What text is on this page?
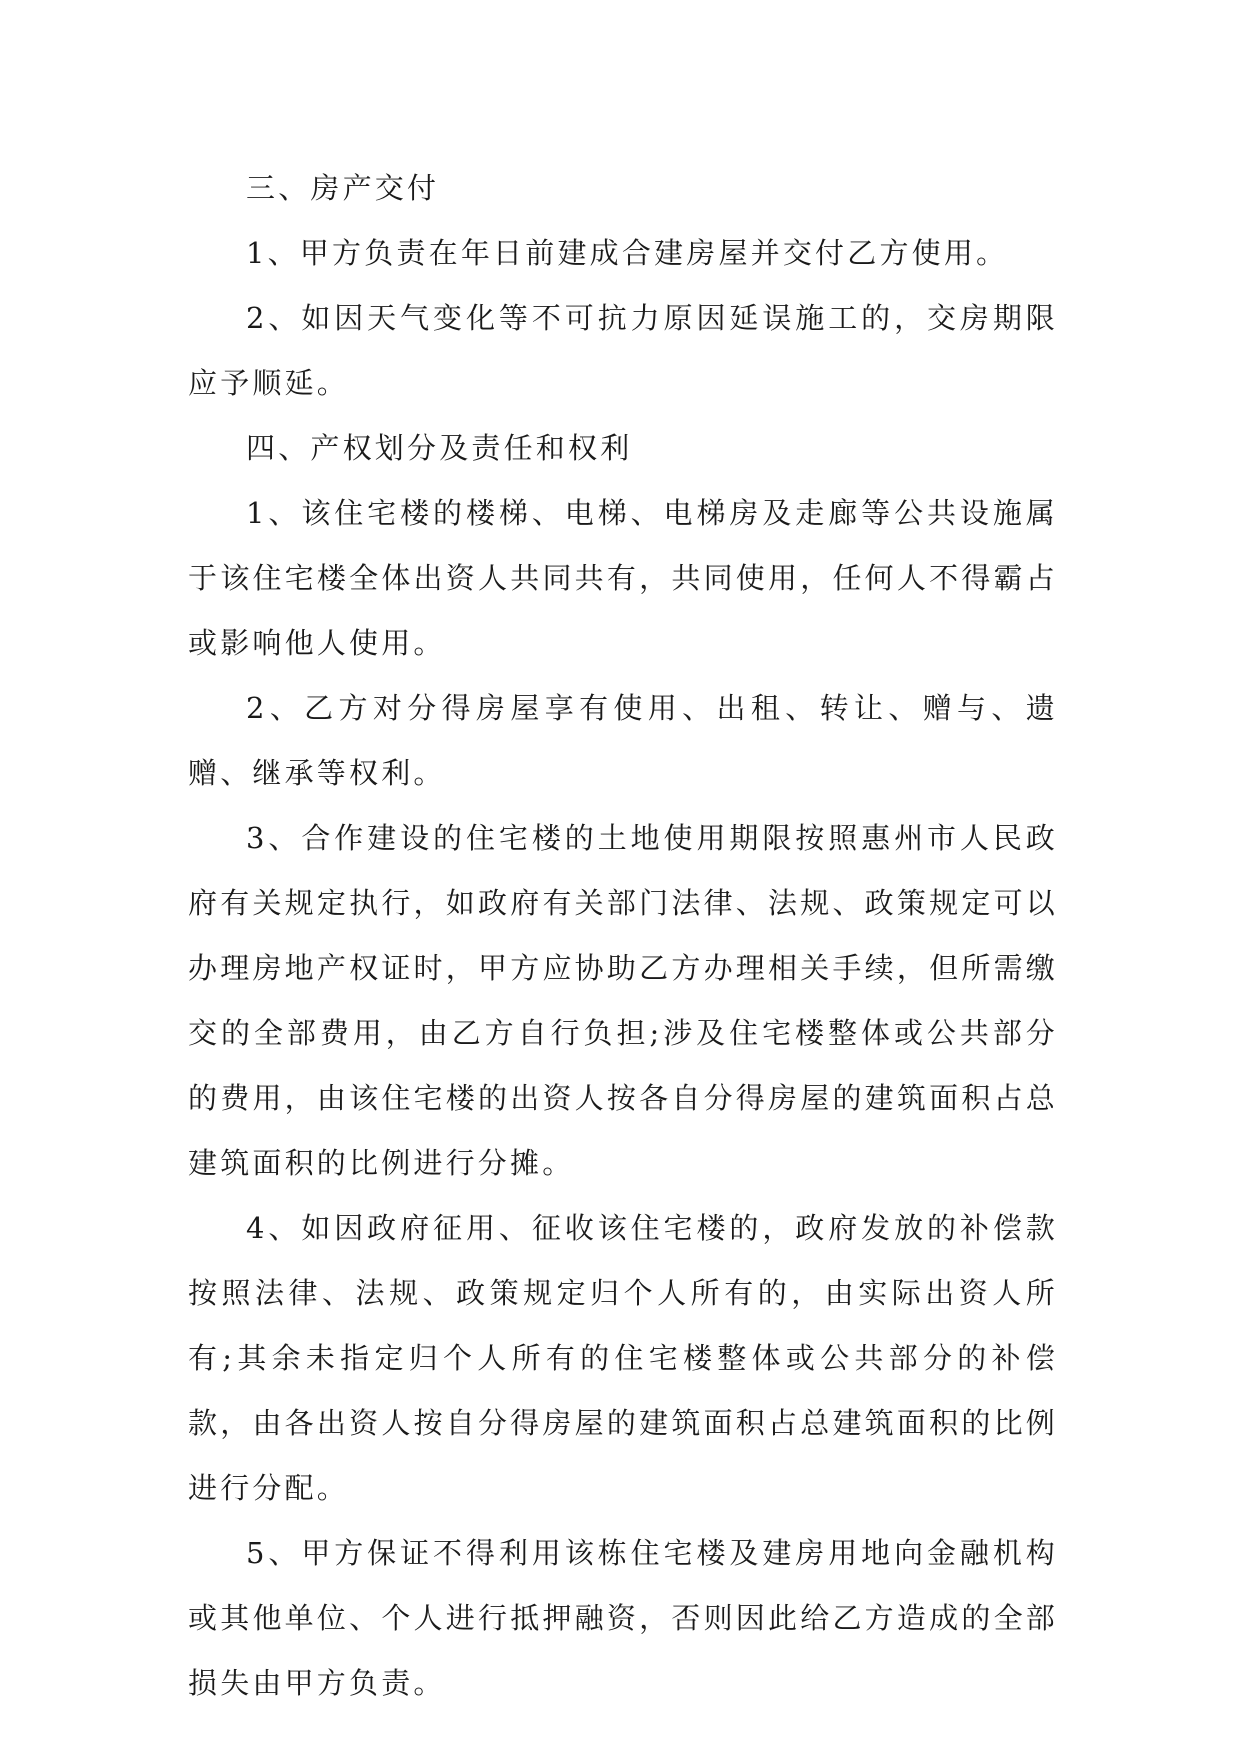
三、房产交付

1、甲方负责在年日前建成合建房屋并交付乙方使用。

2、如因天气变化等不可抗力原因延误施工的，交房期限应予顺延。

四、产权划分及责任和权利

1、该住宅楼的楼梯、电梯、电梯房及走廊等公共设施属于该住宅楼全体出资人共同共有，共同使用，任何人不得霸占或影响他人使用。

2、乙方对分得房屋享有使用、出租、转让、赠与、遗赠、继承等权利。

3、合作建设的住宅楼的土地使用期限按照惠州市人民政府有关规定执行，如政府有关部门法律、法规、政策规定可以办理房地产权证时，甲方应协助乙方办理相关手续，但所需缴交的全部费用，由乙方自行负担;涉及住宅楼整体或公共部分的费用，由该住宅楼的出资人按各自分得房屋的建筑面积占总建筑面积的比例进行分摊。

4、如因政府征用、征收该住宅楼的，政府发放的补偿款按照法律、法规、政策规定归个人所有的，由实际出资人所有;其余未指定归个人所有的住宅楼整体或公共部分的补偿款，由各出资人按自分得房屋的建筑面积占总建筑面积的比例进行分配。

5、甲方保证不得利用该栋住宅楼及建房用地向金融机构或其他单位、个人进行抵押融资，否则因此给乙方造成的全部损失由甲方负责。
